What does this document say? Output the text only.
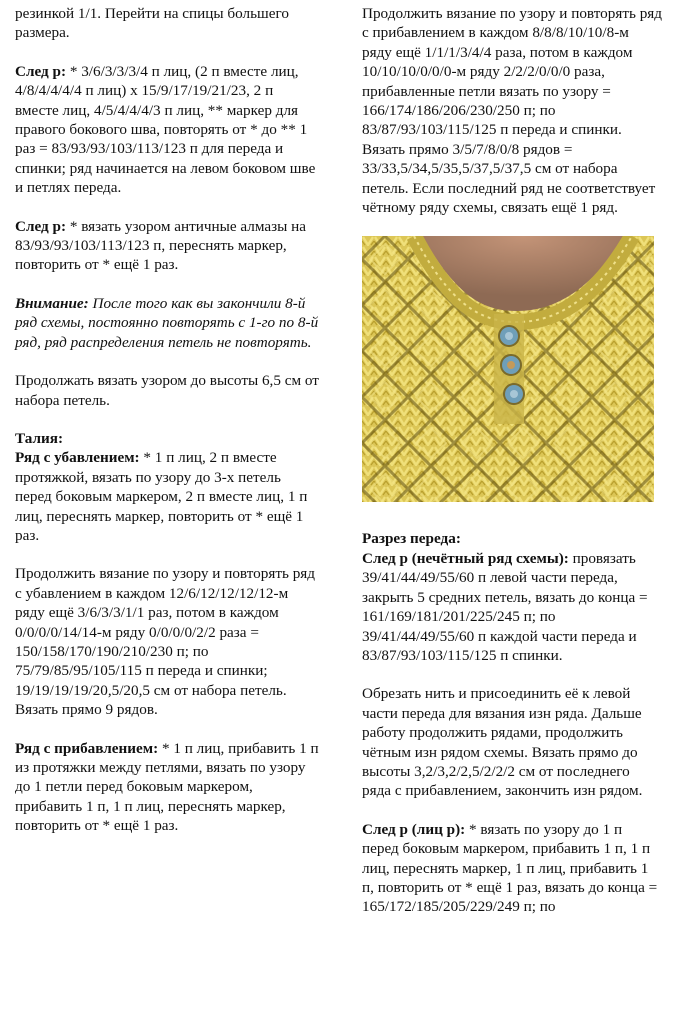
резинкой 1/1. Перейти на спицы большего размера.

След р: * 3/6/3/3/3/4 п лиц, (2 п вместе лиц, 4/8/4/4/4/4 п лиц) х 15/9/17/19/21/23, 2 п вместе лиц, 4/5/4/4/4/3 п лиц, ** маркер для правого бокового шва, повторять от * до ** 1 раз = 83/93/93/103/113/123 п для переда и спинки; ряд начинается на левом боковом шве и петлях переда.

След р: * вязать узором античные алмазы на 83/93/93/103/113/123 п, переснять маркер, повторить от * ещё 1 раз.

Внимание: После того как вы закончили 8-й ряд схемы, постоянно повторять с 1-го по 8-й ряд, ряд распределения петель не повторять.

Продолжать вязать узором до высоты 6,5 см от набора петель.

Талия:
Ряд с убавлением: * 1 п лиц, 2 п вместе протяжкой, вязать по узору до 3-х петель перед боковым маркером, 2 п вместе лиц, 1 п лиц, переснять маркер, повторить от * ещё 1 раз.

Продолжить вязание по узору и повторять ряд с убавлением в каждом 12/6/12/12/12/12-м ряду ещё 3/6/3/3/1/1 раз, потом в каждом 0/0/0/0/14/14-м ряду 0/0/0/0/2/2 раза = 150/158/170/190/210/230 п; по 75/79/85/95/105/115 п переда и спинки; 19/19/19/19/20,5/20,5 см от набора петель.
Вязать прямо 9 рядов.

Ряд с прибавлением: * 1 п лиц, прибавить 1 п из протяжки между петлями, вязать по узору до 1 петли перед боковым маркером, прибавить 1 п, 1 п лиц, переснять маркер, повторить от * ещё 1 раз.

Продолжить вязание по узору и повторять ряд с прибавлением в каждом 8/8/8/10/10/8-м ряду ещё 1/1/1/3/4/4 раза, потом в каждом 10/10/10/0/0/0-м ряду 2/2/2/0/0/0 раза, прибавленные петли вязать по узору = 166/174/186/206/230/250 п; по 83/87/93/103/115/125 п переда и спинки. Вязать прямо 3/5/7/8/0/8 рядов = 33/33,5/34,5/35,5/37,5/37,5 см от набора петель. Если последний ряд не соответствует чётному ряду схемы, связать ещё 1 ряд.

Разрез переда:
След р (нечётный ряд схемы): провязать 39/41/44/49/55/60 п левой части переда, закрыть 5 средних петель, вязать до конца = 161/169/181/201/225/245 п; по 39/41/44/49/55/60 п каждой части переда и 83/87/93/103/115/125 п спинки.

Обрезать нить и присоединить её к левой части переда для вязания изн ряда. Дальше работу продолжить рядами, продолжить чётным изн рядом схемы. Вязать прямо до высоты 3,2/3,2/2,5/2/2/2 см от последнего ряда с прибавлением, закончить изн рядом.

След р (лиц р): * вязать по узору до 1 п перед боковым маркером, прибавить 1 п, 1 п лиц, переснять маркер, 1 п лиц, прибавить 1 п, повторить от * ещё 1 раз, вязать до конца = 165/172/185/205/229/249 п; по
